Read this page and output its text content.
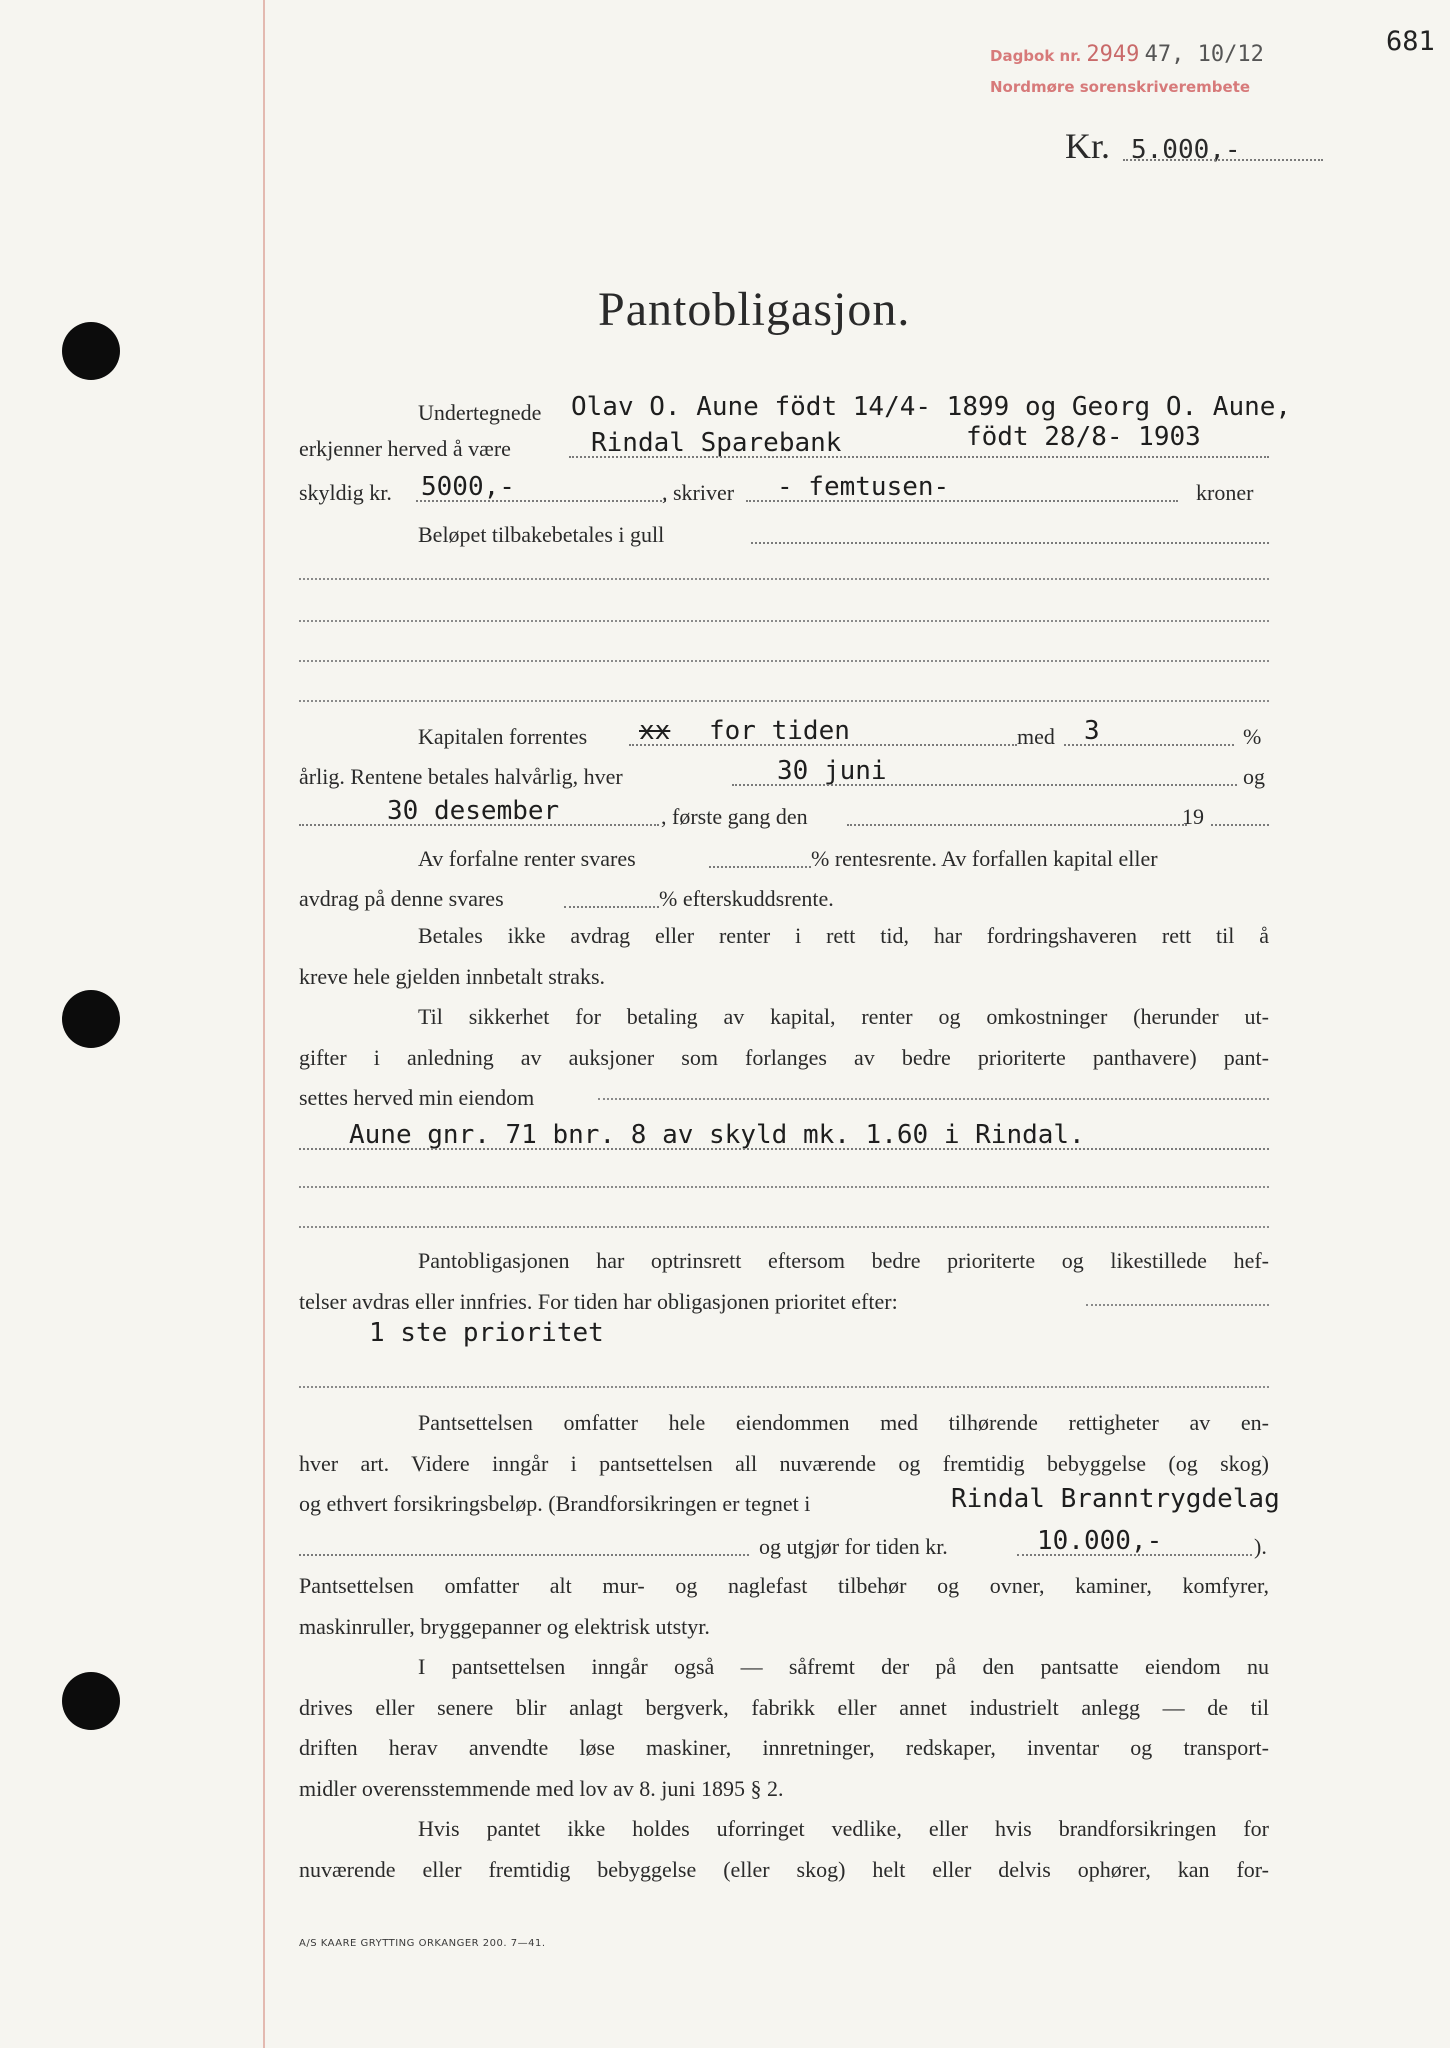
Dagbok nr. 2949 47, 10/12
Nordmøre sorenskriverembete
681
Kr. 5.000,-
Pantobligasjon.
Undertegnede Olav O. Aune födt 14/4- 1899 og Georg O. Aune,
erkjenner herved å være	Rindal Sparebank	födt 28/8- 1903
skyldig kr. 5000,-	, skriver - femtusen-	kroner
Beløpet tilbakebetales i gull
Kapitalen forrentes xx for tiden	med 3	%
årlig. Rentene betales halvårlig, hver	30 juni	og
30 desember	, første gang den	19
Av forfalne renter svares	% rentesrente. Av forfallen kapital eller
avdrag på denne svares	% efterskuddsrente.
Betales ikke avdrag eller renter i rett tid, har fordringshaveren rett til å
kreve hele gjelden innbetalt straks.
Til sikkerhet for betaling av kapital, renter og omkostninger (herunder ut-
gifter i anledning av auksjoner som forlanges av bedre prioriterte panthavere) pant-
settes herved min eiendom
Aune gnr. 71 bnr. 8 av skyld mk. 1.60 i Rindal.
Pantobligasjonen har optrinsrett eftersom bedre prioriterte og likestillede hef-
telser avdras eller innfries. For tiden har obligasjonen prioritet efter:
1 ste prioritet
Pantsettelsen omfatter hele eiendommen med tilhørende rettigheter av en-
hver art. Videre inngår i pantsettelsen all nuværende og fremtidig bebyggelse (og skog)
og ethvert forsikringsbeløp. (Brandforsikringen er tegnet i	Rindal Branntrygdelag
og utgjør for tiden kr.	10.000,-	).
Pantsettelsen omfatter alt mur- og naglefast tilbehør og ovner, kaminer, komfyrer,
maskinruller, bryggepanner og elektrisk utstyr.
I pantsettelsen inngår også — såfremt der på den pantsatte eiendom nu
drives eller senere blir anlagt bergverk, fabrikk eller annet industrielt anlegg — de til
driften herav anvendte løse maskiner, innretninger, redskaper, inventar og transport-
midler overensstemmende med lov av 8. juni 1895 § 2.
Hvis pantet ikke holdes uforringet vedlike, eller hvis brandforsikringen for
nuværende eller fremtidig bebyggelse (eller skog) helt eller delvis ophører, kan for-
A/S KAARE GRYTTING ORKANGER 200. 7—41.
